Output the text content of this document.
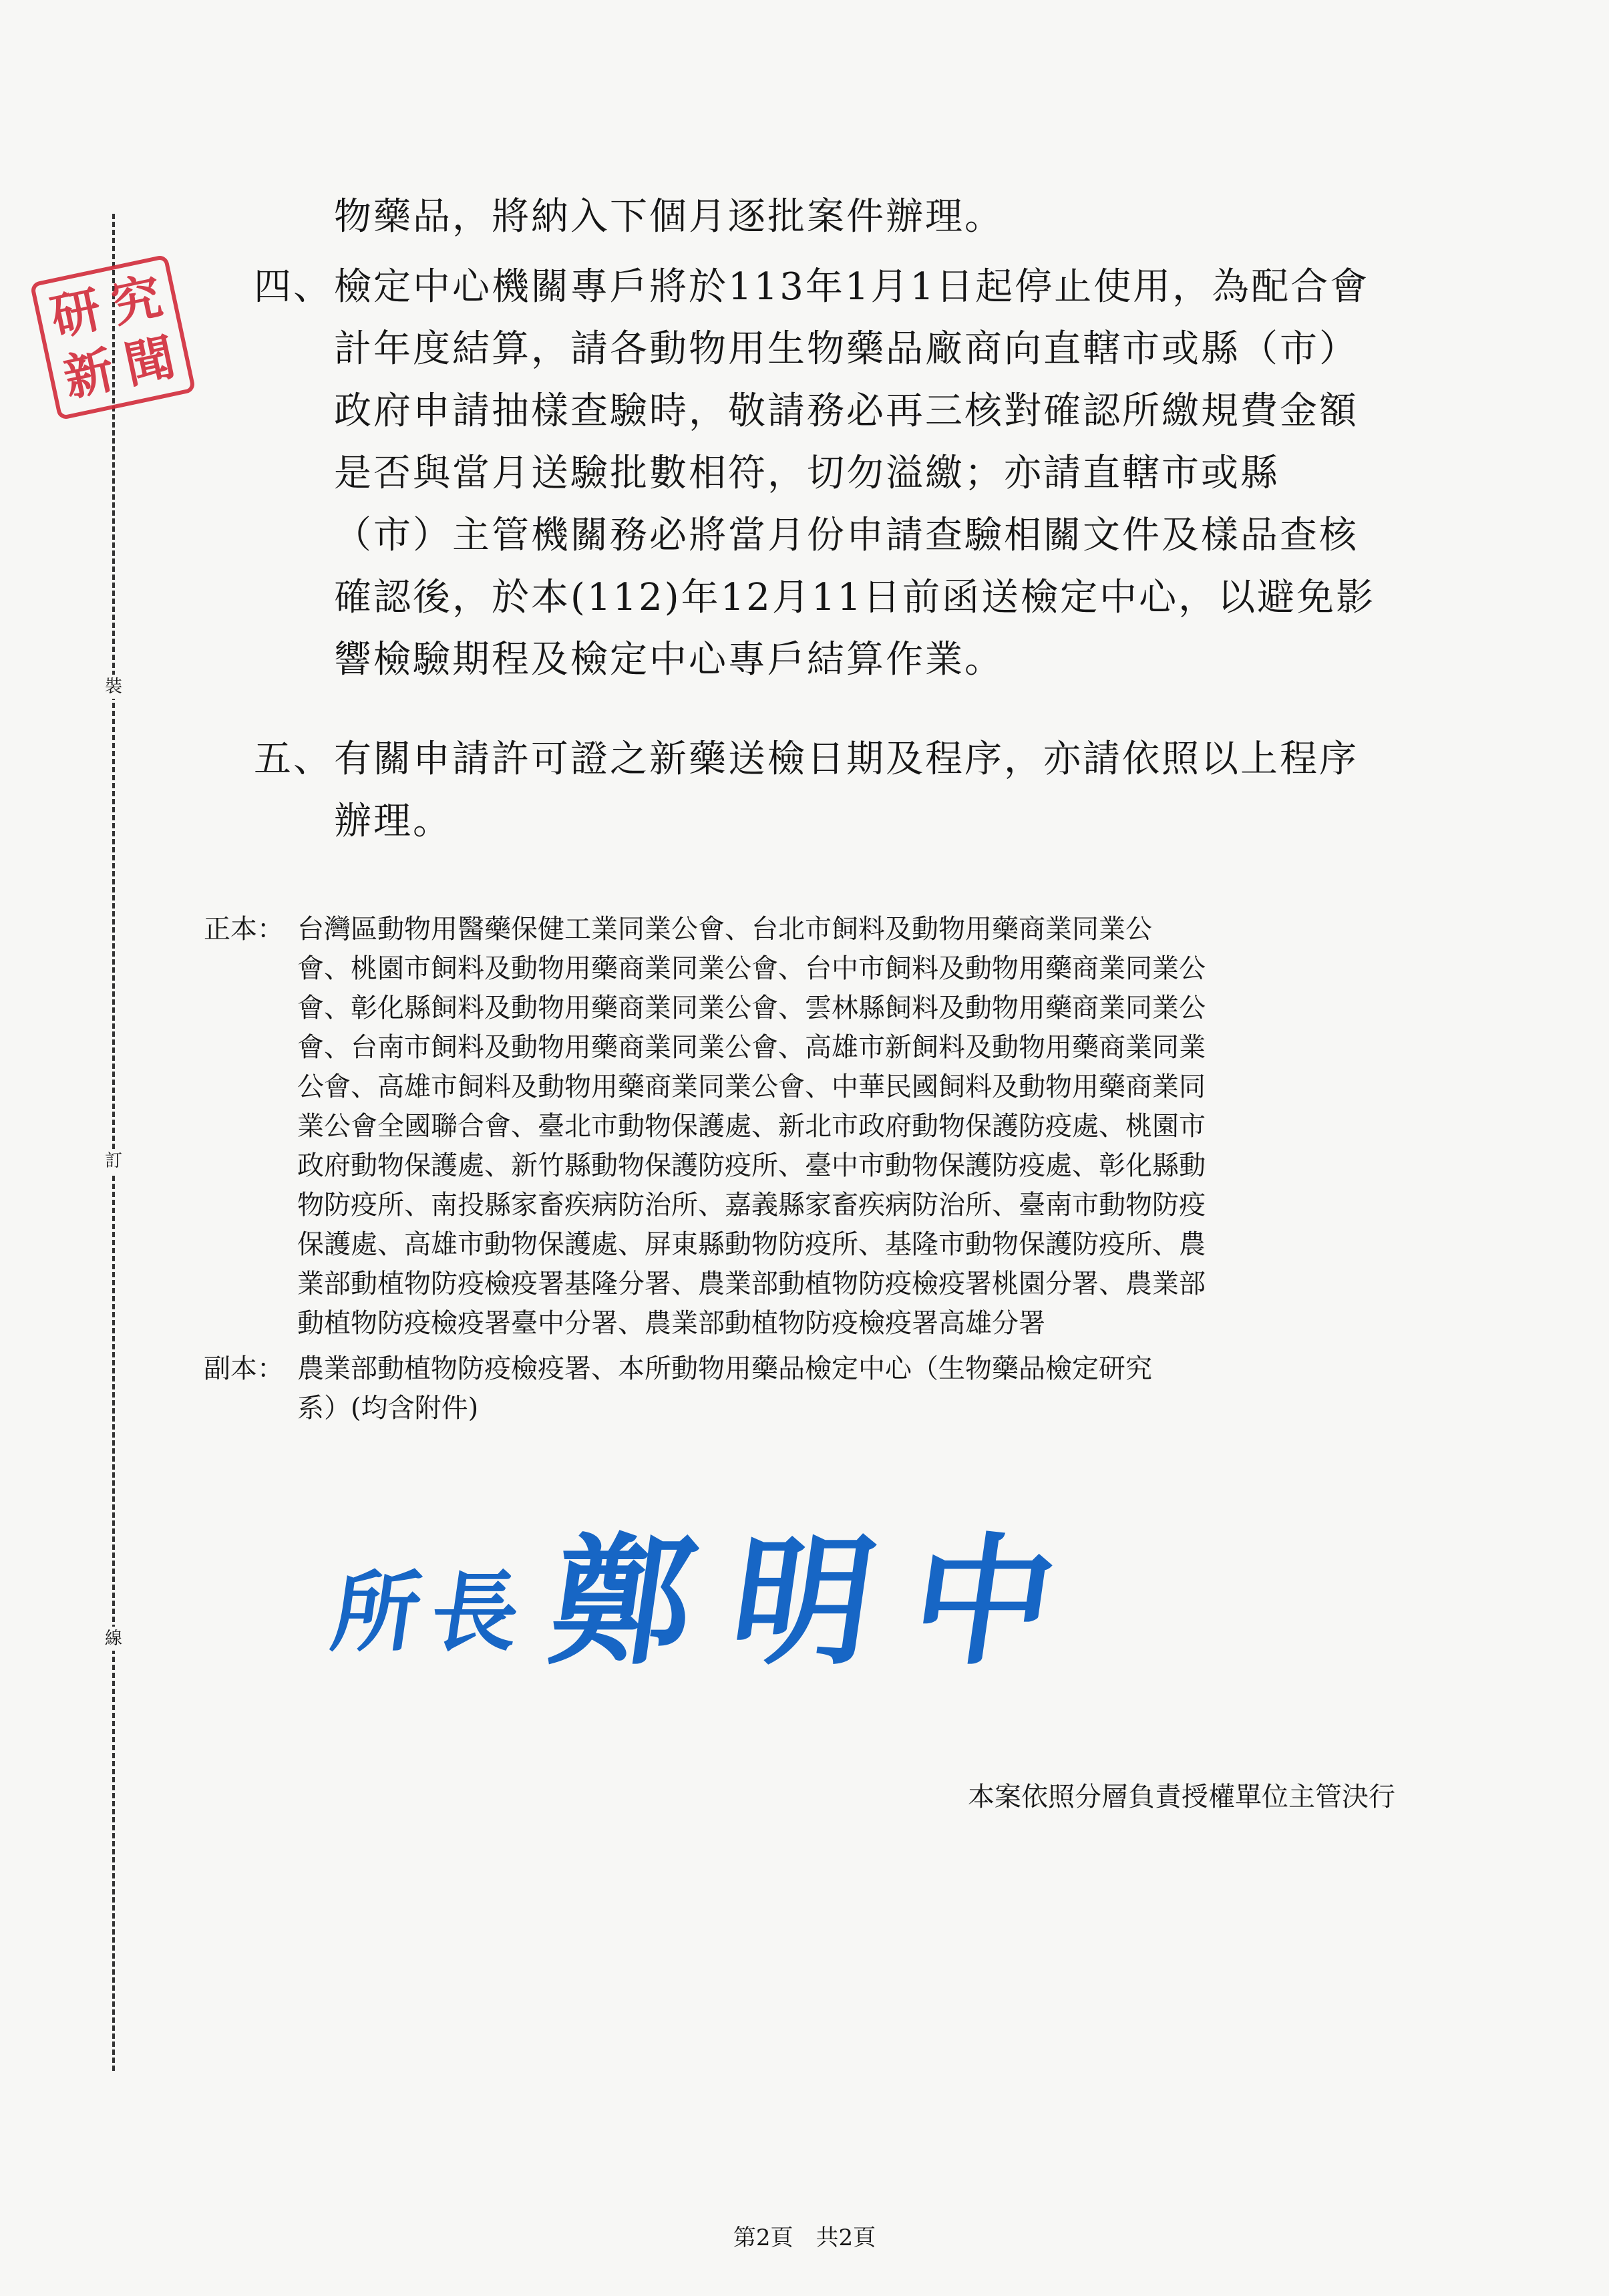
裝
訂
線
研 究
新 聞
物藥品，將納入下個月逐批案件辦理。
四、 檢定中心機關專戶將於113年1月1日起停止使用，為配合會
計年度結算，請各動物用生物藥品廠商向直轄市或縣（市）
政府申請抽樣查驗時，敬請務必再三核對確認所繳規費金額
是否與當月送驗批數相符，切勿溢繳；亦請直轄市或縣
（市）主管機關務必將當月份申請查驗相關文件及樣品查核
確認後，於本(112)年12月11日前函送檢定中心，以避免影
響檢驗期程及檢定中心專戶結算作業。
五、 有關申請許可證之新藥送檢日期及程序，亦請依照以上程序
辦理。
正本： 台灣區動物用醫藥保健工業同業公會、台北市飼料及動物用藥商業同業公
會、桃園市飼料及動物用藥商業同業公會、台中市飼料及動物用藥商業同業公
會、彰化縣飼料及動物用藥商業同業公會、雲林縣飼料及動物用藥商業同業公
會、台南市飼料及動物用藥商業同業公會、高雄市新飼料及動物用藥商業同業
公會、高雄市飼料及動物用藥商業同業公會、中華民國飼料及動物用藥商業同
業公會全國聯合會、臺北市動物保護處、新北市政府動物保護防疫處、桃園市
政府動物保護處、新竹縣動物保護防疫所、臺中市動物保護防疫處、彰化縣動
物防疫所、南投縣家畜疾病防治所、嘉義縣家畜疾病防治所、臺南市動物防疫
保護處、高雄市動物保護處、屏東縣動物防疫所、基隆市動物保護防疫所、農
業部動植物防疫檢疫署基隆分署、農業部動植物防疫檢疫署桃園分署、農業部
動植物防疫檢疫署臺中分署、農業部動植物防疫檢疫署高雄分署
副本： 農業部動植物防疫檢疫署、本所動物用藥品檢定中心（生物藥品檢定研究
系）(均含附件)
所長 鄭明中
本案依照分層負責授權單位主管決行
第2頁　共2頁
